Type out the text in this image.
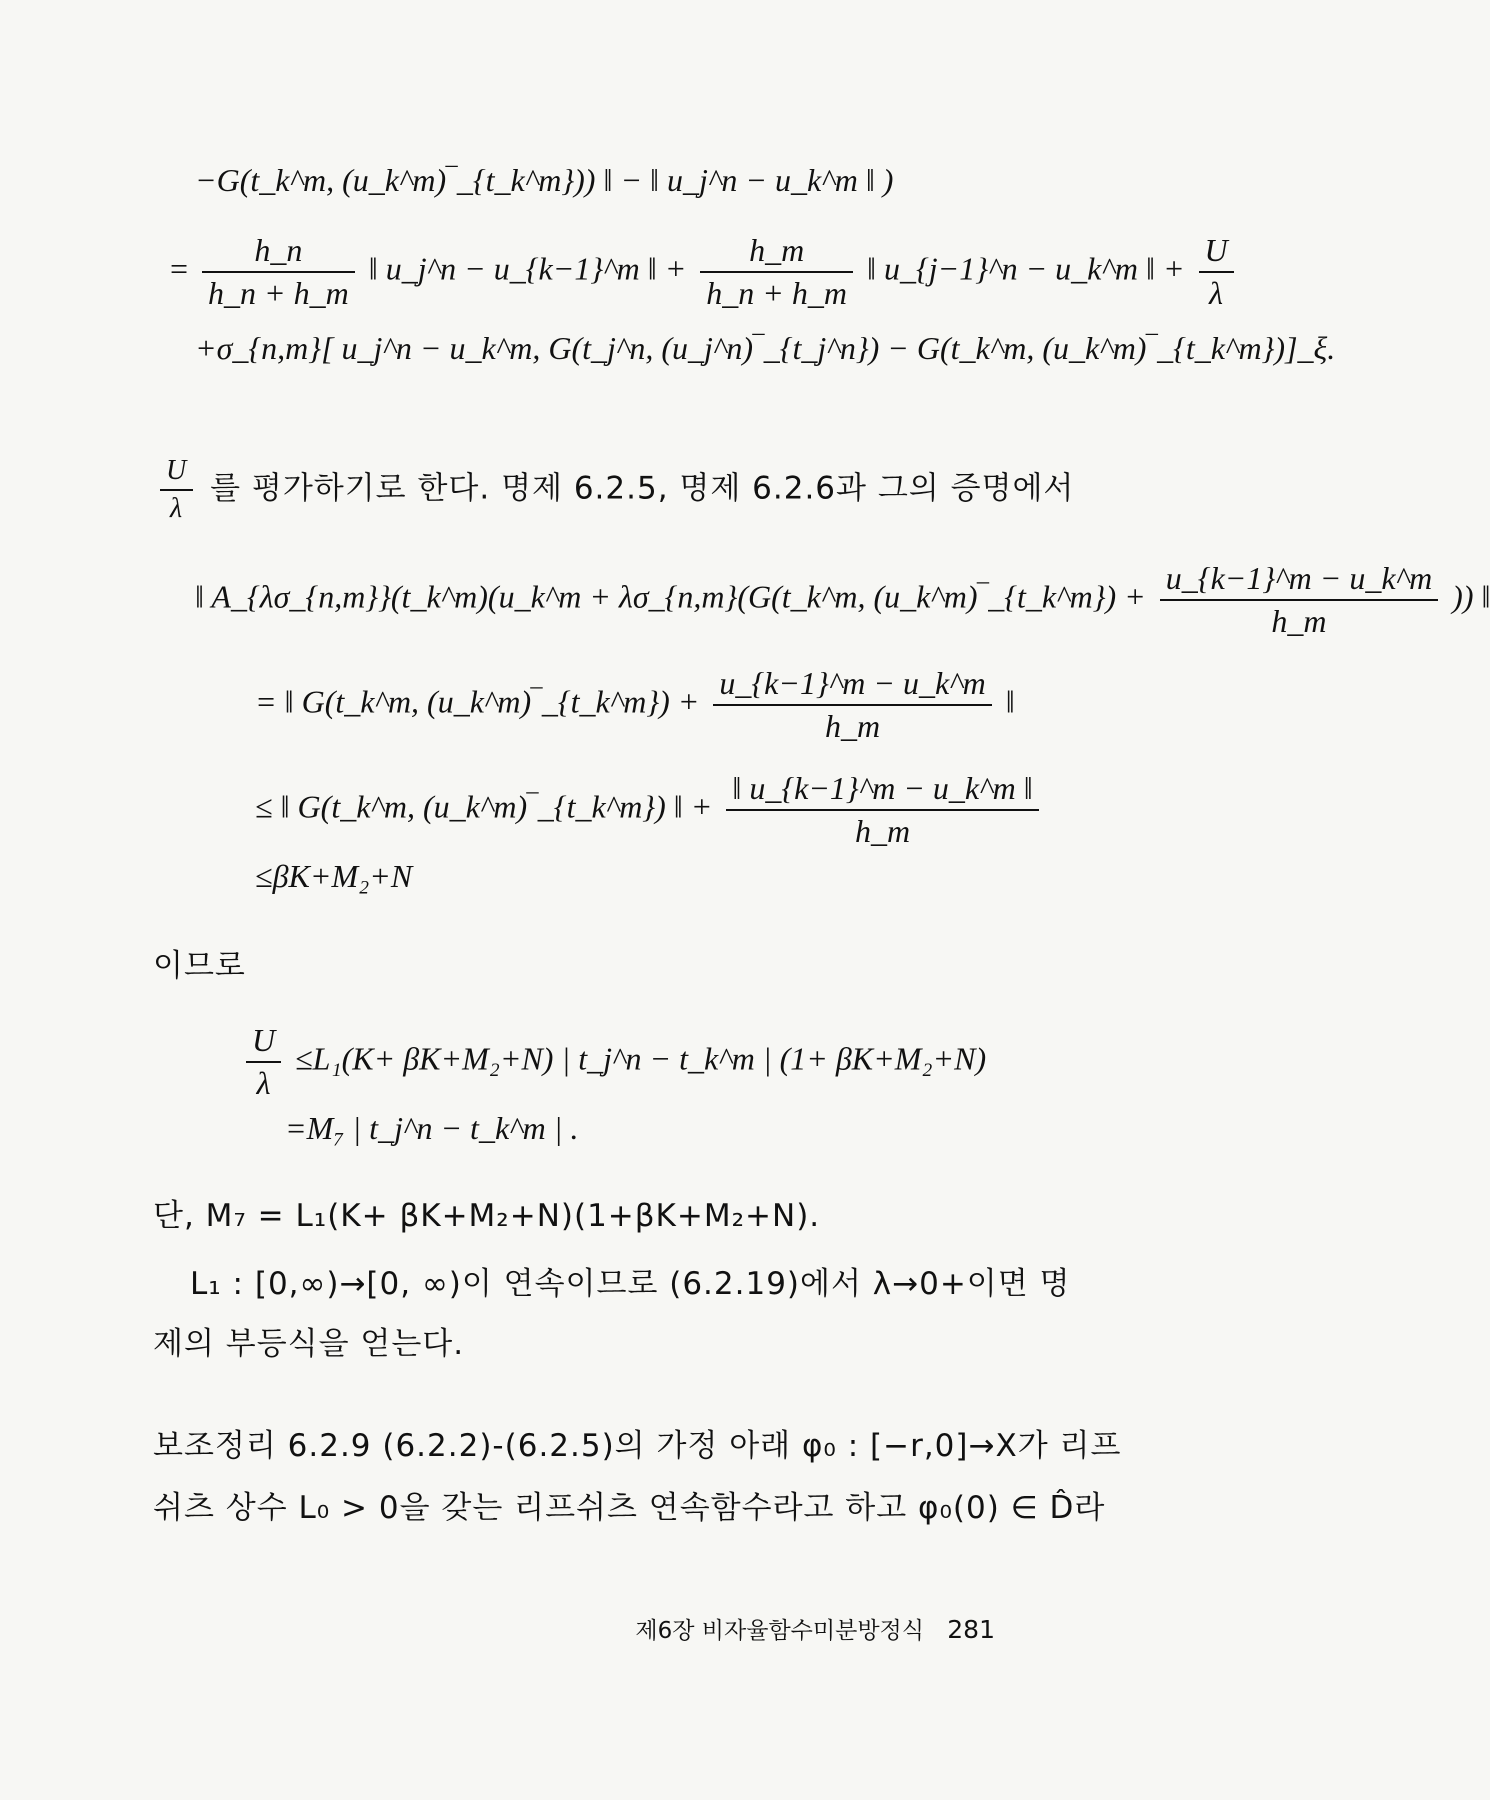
−G(t_k^m, (u_k^m)‾_{t_k^m})) ‖ − ‖ u_j^n − u_k^m ‖ )
= $\frac{h\_n}{h\_n + h\_m}$ ‖ u_j^n − u_{k−1}^m ‖ + $\frac{h\_m}{h\_n + h\_m}$ ‖ u_{j−1}^n − u_k^m ‖ + $\frac{U}{\lambda}$
+σ_{n,m}[ u_j^n − u_k^m, G(t_j^n, (u_j^n)‾_{t_j^n}) − G(t_k^m, (u_k^m)‾_{t_k^m})]_ξ.
$\frac{U}{\lambda}$ 를 평가하기로 한다. 명제 6.2.5, 명제 6.2.6과 그의 증명에서
‖ A_{λσ_{n,m}}(t_k^m)(u_k^m + λσ_{n,m}(G(t_k^m, (u_k^m)‾_{t_k^m}) + $\frac{u\_\{k-1\}\^{}m - u\_k\^{}m}{h\_m}$ )) ‖
= ‖ G(t_k^m, (u_k^m)‾_{t_k^m}) + $\frac{u\_\{k-1\}\^{}m - u\_k\^{}m}{h\_m}$ ‖
≤ ‖ G(t_k^m, (u_k^m)‾_{t_k^m}) ‖ + $\frac{‖ u\_\{k-1\}\^{}m - u\_k\^{}m ‖}{h\_m}$
≤βK+M₂+N
이므로
$\frac{U}{\lambda} \le L_1(K+ \beta K+M_2+N)$ | t_j^n − t_k^m | (1+ βK+M₂+N)
=M₇ | t_j^n − t_k^m | .
단, M₇ = L₁(K+ βK+M₂+N)(1+βK+M₂+N).
L₁ : [0,∞)→[0, ∞)이 연속이므로 (6.2.19)에서 λ→0+이면 명
제의 부등식을 얻는다.
보조정리 6.2.9 (6.2.2)-(6.2.5)의 가정 아래 φ₀ : [−r,0]→X가 리프
쉬츠 상수 L₀ > 0을 갖는 리프쉬츠 연속함수라고 하고 φ₀(0) ∈ D̂라
제6장 비자율함수미분방정식 281
